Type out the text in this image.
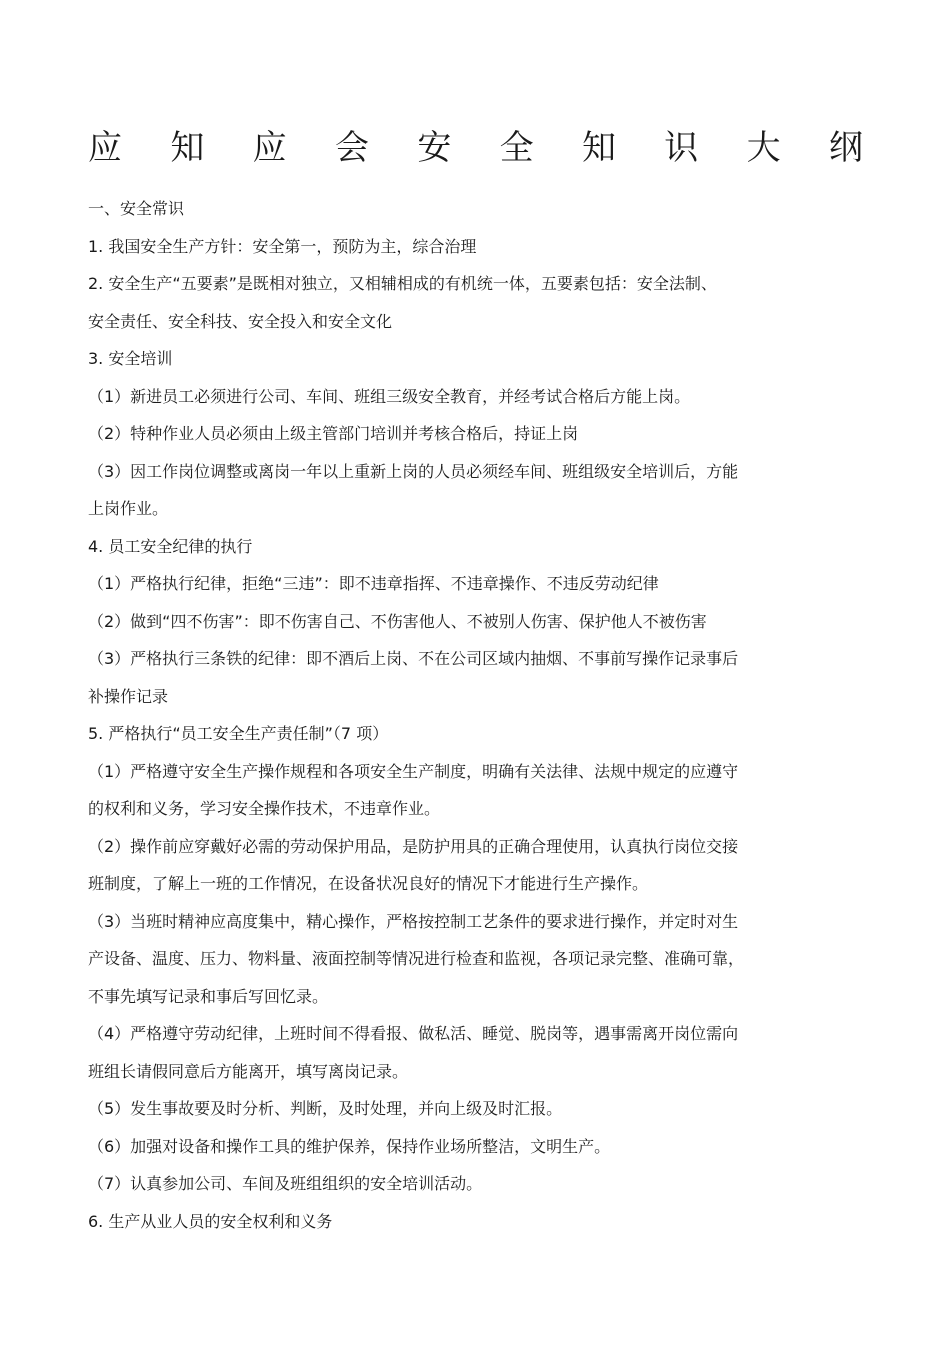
应 知 应 会 安 全 知 识 大 纲
一、安全常识
1. 我国安全生产方针：安全第一，预防为主，综合治理
2. 安全生产“五要素”是既相对独立，又相辅相成的有机统一体，五要素包括：安全法制、
安全责任、安全科技、安全投入和安全文化
3. 安全培训
（1）新进员工必须进行公司、车间、班组三级安全教育，并经考试合格后方能上岗。
（2）特种作业人员必须由上级主管部门培训并考核合格后，持证上岗
（3）因工作岗位调整或离岗一年以上重新上岗的人员必须经车间、班组级安全培训后，方能
上岗作业。
4. 员工安全纪律的执行
（1）严格执行纪律，拒绝“三违”：即不违章指挥、不违章操作、不违反劳动纪律
（2）做到“四不伤害”：即不伤害自己、不伤害他人、不被别人伤害、保护他人不被伤害
（3）严格执行三条铁的纪律：即不酒后上岗、不在公司区域内抽烟、不事前写操作记录事后
补操作记录
5. 严格执行“员工安全生产责任制”（7 项）
（1）严格遵守安全生产操作规程和各项安全生产制度，明确有关法律、法规中规定的应遵守
的权利和义务，学习安全操作技术，不违章作业。
（2）操作前应穿戴好必需的劳动保护用品，是防护用具的正确合理使用，认真执行岗位交接
班制度，了解上一班的工作情况，在设备状况良好的情况下才能进行生产操作。
（3）当班时精神应高度集中，精心操作，严格按控制工艺条件的要求进行操作，并定时对生
产设备、温度、压力、物料量、液面控制等情况进行检查和监视，各项记录完整、准确可靠，
不事先填写记录和事后写回忆录。
（4）严格遵守劳动纪律，上班时间不得看报、做私活、睡觉、脱岗等，遇事需离开岗位需向
班组长请假同意后方能离开，填写离岗记录。
（5）发生事故要及时分析、判断，及时处理，并向上级及时汇报。
（6）加强对设备和操作工具的维护保养，保持作业场所整洁，文明生产。
（7）认真参加公司、车间及班组组织的安全培训活动。
6. 生产从业人员的安全权利和义务
